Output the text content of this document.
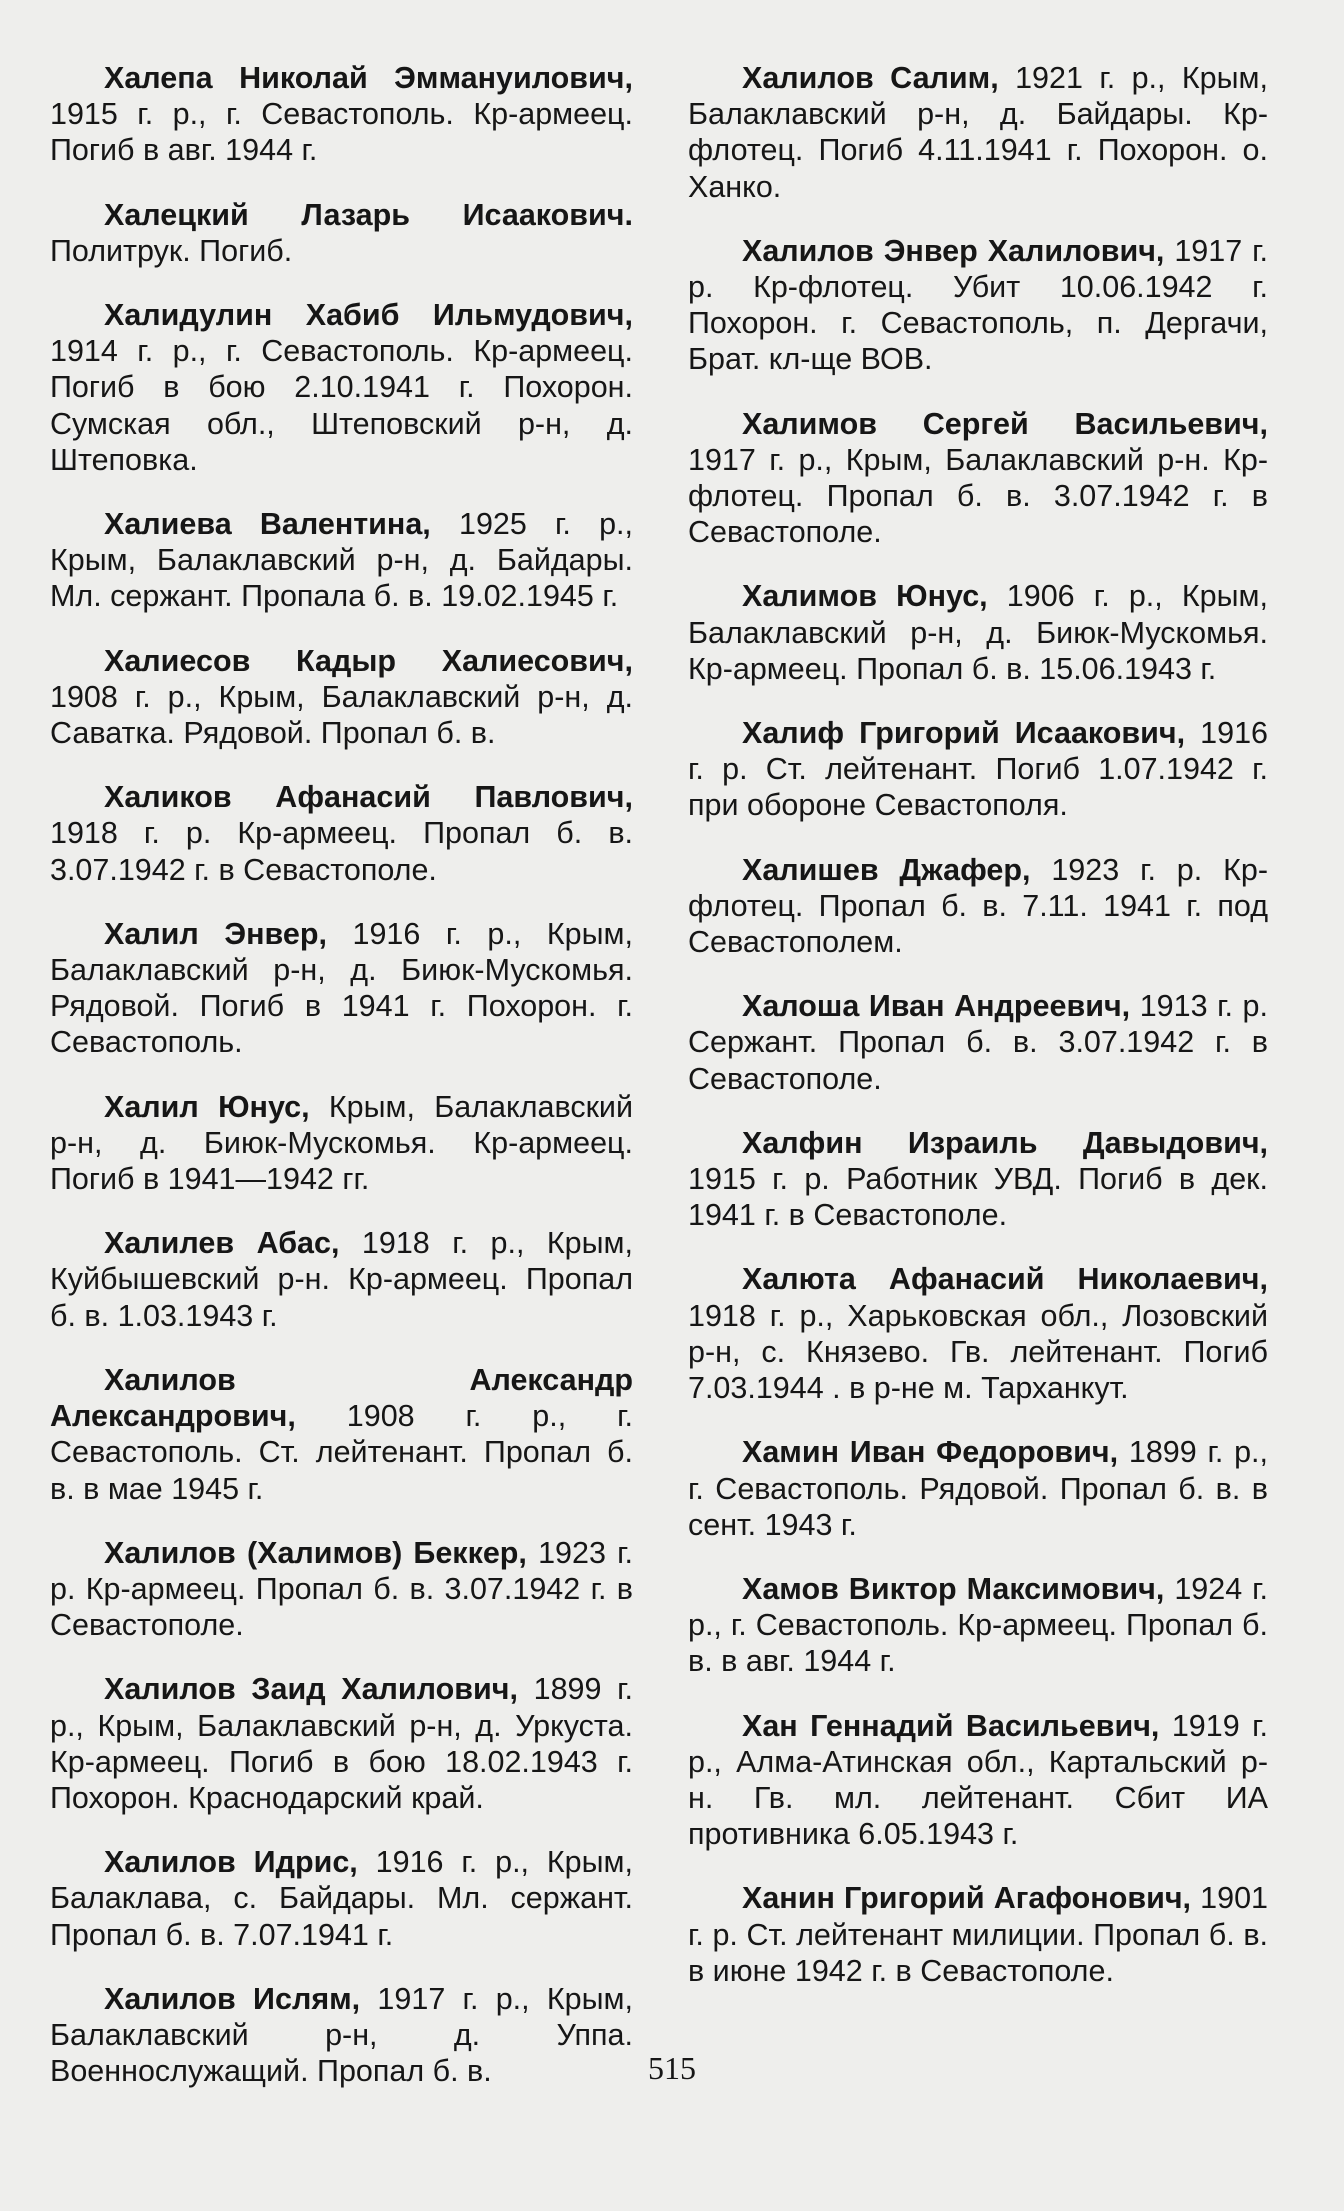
Халепа Николай Эммануилович, 1915 г. р., г. Севастополь. Кр-армеец. Погиб в авг. 1944 г.

Халецкий Лазарь Исаакович. Политрук. Погиб.

Халидулин Хабиб Ильмудович, 1914 г. р., г. Севастополь. Кр-армеец. Погиб в бою 2.10.1941 г. Похорон. Сумская обл., Штеповский р-н, д. Штеповка.

Халиева Валентина, 1925 г. р., Крым, Балаклавский р-н, д. Байдары. Мл. сержант. Пропала б. в. 19.02.1945 г.

Халиесов Кадыр Халиесович, 1908 г. р., Крым, Балаклавский р-н, д. Саватка. Рядовой. Пропал б. в.

Халиков Афанасий Павлович, 1918 г. р. Кр-армеец. Пропал б. в. 3.07.1942 г. в Севастополе.

Халил Энвер, 1916 г. р., Крым, Балаклавский р-н, д. Биюк-Мускомья. Рядовой. Погиб в 1941 г. Похорон. г. Севастополь.

Халил Юнус, Крым, Балаклавский р-н, д. Биюк-Мускомья. Кр-армеец. Погиб в 1941—1942 гг.

Халилев Абас, 1918 г. р., Крым, Куйбышевский р-н. Кр-армеец. Пропал б. в. 1.03.1943 г.

Халилов Александр Александрович, 1908 г. р., г. Севастополь. Ст. лейтенант. Пропал б. в. в мае 1945 г.

Халилов (Халимов) Беккер, 1923 г. р. Кр-армеец. Пропал б. в. 3.07.1942 г. в Севастополе.

Халилов Заид Халилович, 1899 г. р., Крым, Балаклавский р-н, д. Уркуста. Кр-армеец. Погиб в бою 18.02.1943 г. Похорон. Краснодарский край.

Халилов Идрис, 1916 г. р., Крым, Балаклава, с. Байдары. Мл. сержант. Пропал б. в. 7.07.1941 г.

Халилов Ислям, 1917 г. р., Крым, Балаклавский р-н, д. Уппа. Военнослужащий. Пропал б. в.

Халилов Салим, 1921 г. р., Крым, Балаклавский р-н, д. Байдары. Кр-флотец. Погиб 4.11.1941 г. Похорон. о. Ханко.

Халилов Энвер Халилович, 1917 г. р. Кр-флотец. Убит 10.06.1942 г. Похорон. г. Севастополь, п. Дергачи, Брат. кл-ще ВОВ.

Халимов Сергей Васильевич, 1917 г. р., Крым, Балаклавский р-н. Кр-флотец. Пропал б. в. 3.07.1942 г. в Севастополе.

Халимов Юнус, 1906 г. р., Крым, Балаклавский р-н, д. Биюк-Мускомья. Кр-армеец. Пропал б. в. 15.06.1943 г.

Халиф Григорий Исаакович, 1916 г. р. Ст. лейтенант. Погиб 1.07.1942 г. при обороне Севастополя.

Халишев Джафер, 1923 г. р. Кр-флотец. Пропал б. в. 7.11. 1941 г. под Севастополем.

Халоша Иван Андреевич, 1913 г. р. Сержант. Пропал б. в. 3.07.1942 г. в Севастополе.

Халфин Израиль Давыдович, 1915 г. р. Работник УВД. Погиб в дек. 1941 г. в Севастополе.

Халюта Афанасий Николаевич, 1918 г. р., Харьковская обл., Лозовский р-н, с. Князево. Гв. лейтенант. Погиб 7.03.1944 . в р-не м. Тарханкут.

Хамин Иван Федорович, 1899 г. р., г. Севастополь. Рядовой. Пропал б. в. в сент. 1943 г.

Хамов Виктор Максимович, 1924 г. р., г. Севастополь. Кр-армеец. Пропал б. в. в авг. 1944 г.

Хан Геннадий Васильевич, 1919 г. р., Алма-Атинская обл., Картальский р-н. Гв. мл. лейтенант. Сбит ИА противника 6.05.1943 г.

Ханин Григорий Агафонович, 1901 г. р. Ст. лейтенант милиции. Пропал б. в. в июне 1942 г. в Севастополе.

515
